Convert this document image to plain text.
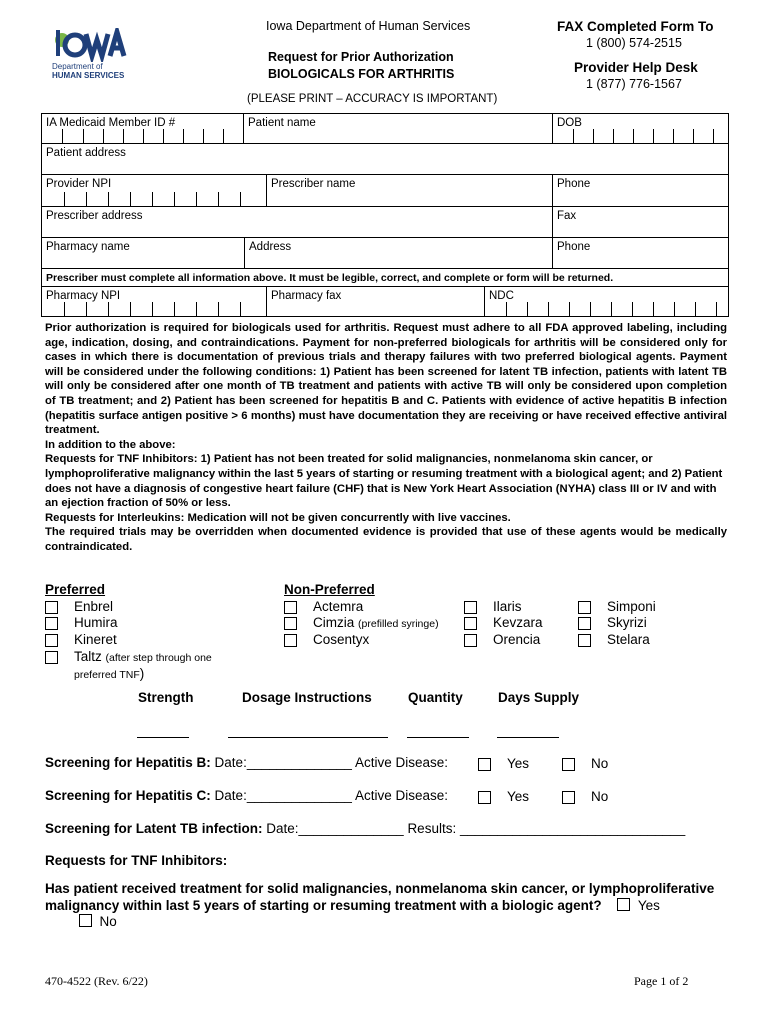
Department of
HUMAN SERVICES
Iowa Department of Human Services
Request for Prior Authorization
BIOLOGICALS FOR ARTHRITIS
(PLEASE PRINT – ACCURACY IS IMPORTANT)
FAX Completed Form To
1 (800) 574-2515
Provider Help Desk
1 (877) 776-1567
IA Medicaid Member ID #	Patient name	DOB
Patient address
Provider NPI	Prescriber name	Phone
Prescriber address	Fax
Pharmacy name	Address	Phone
Prescriber must complete all information above. It must be legible, correct, and complete or form will be returned.
Pharmacy NPI	Pharmacy fax	NDC

Prior authorization is required for biologicals used for arthritis. Request must adhere to all FDA approved labeling, including age, indication, dosing, and contraindications. Payment for non-preferred biologicals for arthritis will be considered only for cases in which there is documentation of previous trials and therapy failures with two preferred biological agents. Payment will be considered under the following conditions: 1) Patient has been screened for latent TB infection, patients with latent TB will only be considered after one month of TB treatment and patients with active TB will only be considered upon completion of TB treatment; and 2) Patient has been screened for hepatitis B and C. Patients with evidence of active hepatitis B infection (hepatitis surface antigen positive > 6 months) must have documentation they are receiving or have received effective antiviral treatment.

In addition to the above:

Requests for TNF Inhibitors: 1) Patient has not been treated for solid malignancies, nonmelanoma skin cancer, or lymphoproliferative malignancy within the last 5 years of starting or resuming treatment with a biological agent; and 2) Patient does not have a diagnosis of congestive heart failure (CHF) that is New York Heart Association (NYHA) class III or IV and with an ejection fraction of 50% or less.

Requests for Interleukins: Medication will not be given concurrently with live vaccines.

The required trials may be overridden when documented evidence is provided that use of these agents would be medically contraindicated.

Preferred	Non-Preferred
Enbrel
Humira
Kineret
Taltz (after step through one
preferred TNF)
Actemra
Cimzia (prefilled syringe)
Cosentyx
Ilaris
Kevzara
Orencia
Simponi
Skyrizi
Stelara
Strength	Dosage Instructions	Quantity	Days Supply
Screening for Hepatitis B: Date:______________ Active Disease:	Yes	No
Screening for Hepatitis C: Date:______________ Active Disease:	Yes	No
Screening for Latent TB infection: Date:______________ Results: ______________________________
Requests for TNF Inhibitors:
Has patient received treatment for solid malignancies, nonmelanoma skin cancer, or lymphoproliferative malignancy within last 5 years of starting or resuming treatment with a biologic agent?	Yes   No
470-4522 (Rev. 6/22)	Page 1 of 2
